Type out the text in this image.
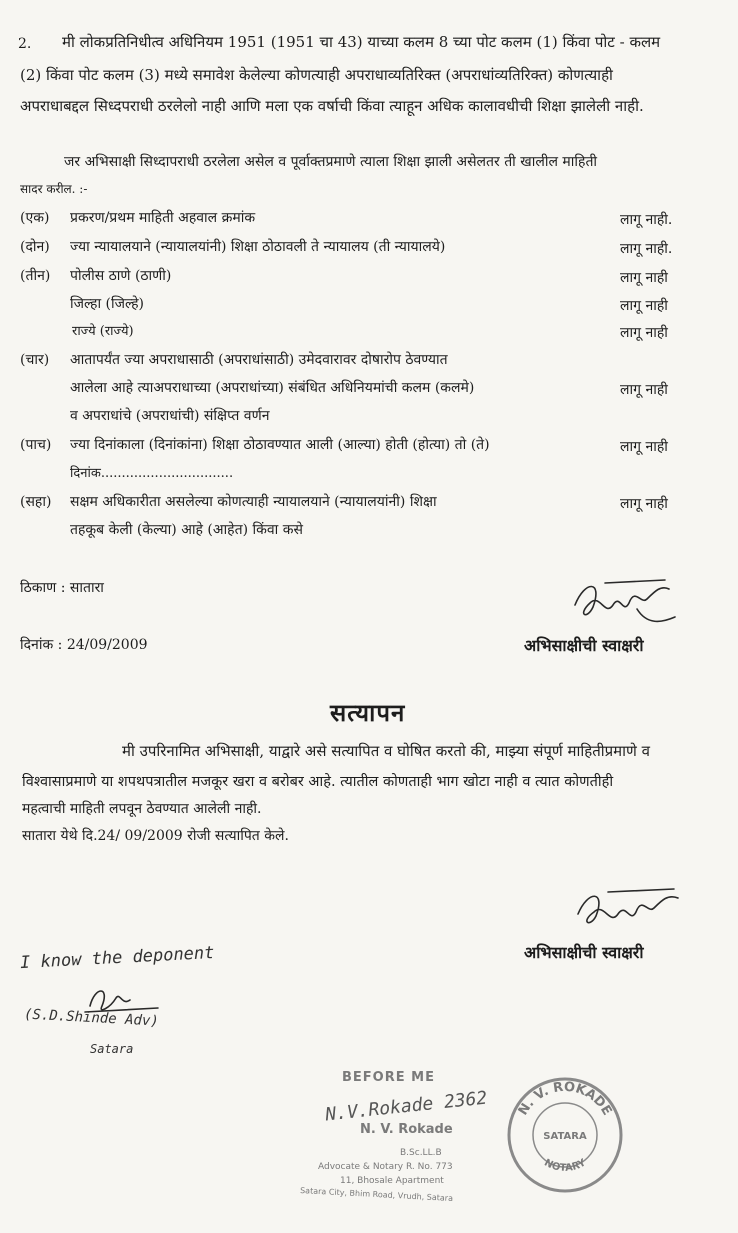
2. मी लोकप्रतिनिधीत्व अधिनियम 1951 (1951 चा 43) याच्या कलम 8 च्या पोट कलम (1) किंवा पोट - कलम
(2) किंवा पोट कलम (3) मध्ये समावेश केलेल्या कोणत्याही अपराधाव्यतिरिक्त (अपराधांव्यतिरिक्त) कोणत्याही
अपराधाबद्दल सिध्दपराधी ठरलेलो नाही आणि मला एक वर्षाची किंवा त्याहून अधिक कालावधीची शिक्षा झालेली नाही.
जर अभिसाक्षी सिध्दापराधी ठरलेला असेल व पूर्वाक्तप्रमाणे त्याला शिक्षा झाली असेलतर ती खालील माहिती
सादर करील. :-
(एक) प्रकरण/प्रथम माहिती अहवाल क्रमांक	लागू नाही.
(दोन) ज्या न्यायालयाने (न्यायालयांनी) शिक्षा ठोठावली ते न्यायालय (ती न्यायालये)	लागू नाही.
(तीन) पोलीस ठाणे (ठाणी)	लागू नाही
जिल्हा (जिल्हे)	लागू नाही
राज्ये (राज्ये)	लागू नाही
(चार) आतापर्यंत ज्या अपराधासाठी (अपराधांसाठी) उमेदवारावर दोषारोप ठेवण्यात
आलेला आहे त्याअपराधाच्या (अपराधांच्या) संबंधित अधिनियमांची कलम (कलमे)
व अपराधांचे (अपराधांची) संक्षिप्त वर्णन
लागू नाही
(पाच) ज्या दिनांकाला (दिनांकांना) शिक्षा ठोठावण्यात आली (आल्या) होती (होत्या) तो (ते)
दिनांक................................
लागू नाही
(सहा) सक्षम अधिकारीता असलेल्या कोणत्याही न्यायालयाने (न्यायालयांनी) शिक्षा
तहकूब केली (केल्या) आहे (आहेत) किंवा कसे
लागू नाही
ठिकाण : सातारा
दिनांक : 24/09/2009	अभिसाक्षीची स्वाक्षरी
सत्यापन
मी उपरिनामित अभिसाक्षी, याद्वारे असे सत्यापित व घोषित करतो की, माझ्या संपूर्ण माहितीप्रमाणे व
विश्वासाप्रमाणे या शपथपत्रातील मजकूर खरा व बरोबर आहे. त्यातील कोणताही भाग खोटा नाही व त्यात कोणतीही
महत्वाची माहिती लपवून ठेवण्यात आलेली नाही.
सातारा येथे दि.24/ 09/2009 रोजी सत्यापित केले.
अभिसाक्षीची स्वाक्षरी
I know the deponent
(S.D.Shinde Adv)
Satara
BEFORE ME
N.V.Rokade 2362
N. V. Rokade
B.Sc.LL.B
Advocate & Notary R. No. 773
11, Bhosale Apartment
Satara City, Bhim Road, Vrudh, Satara
N. V. ROKADE
SATARA
NOTARY
